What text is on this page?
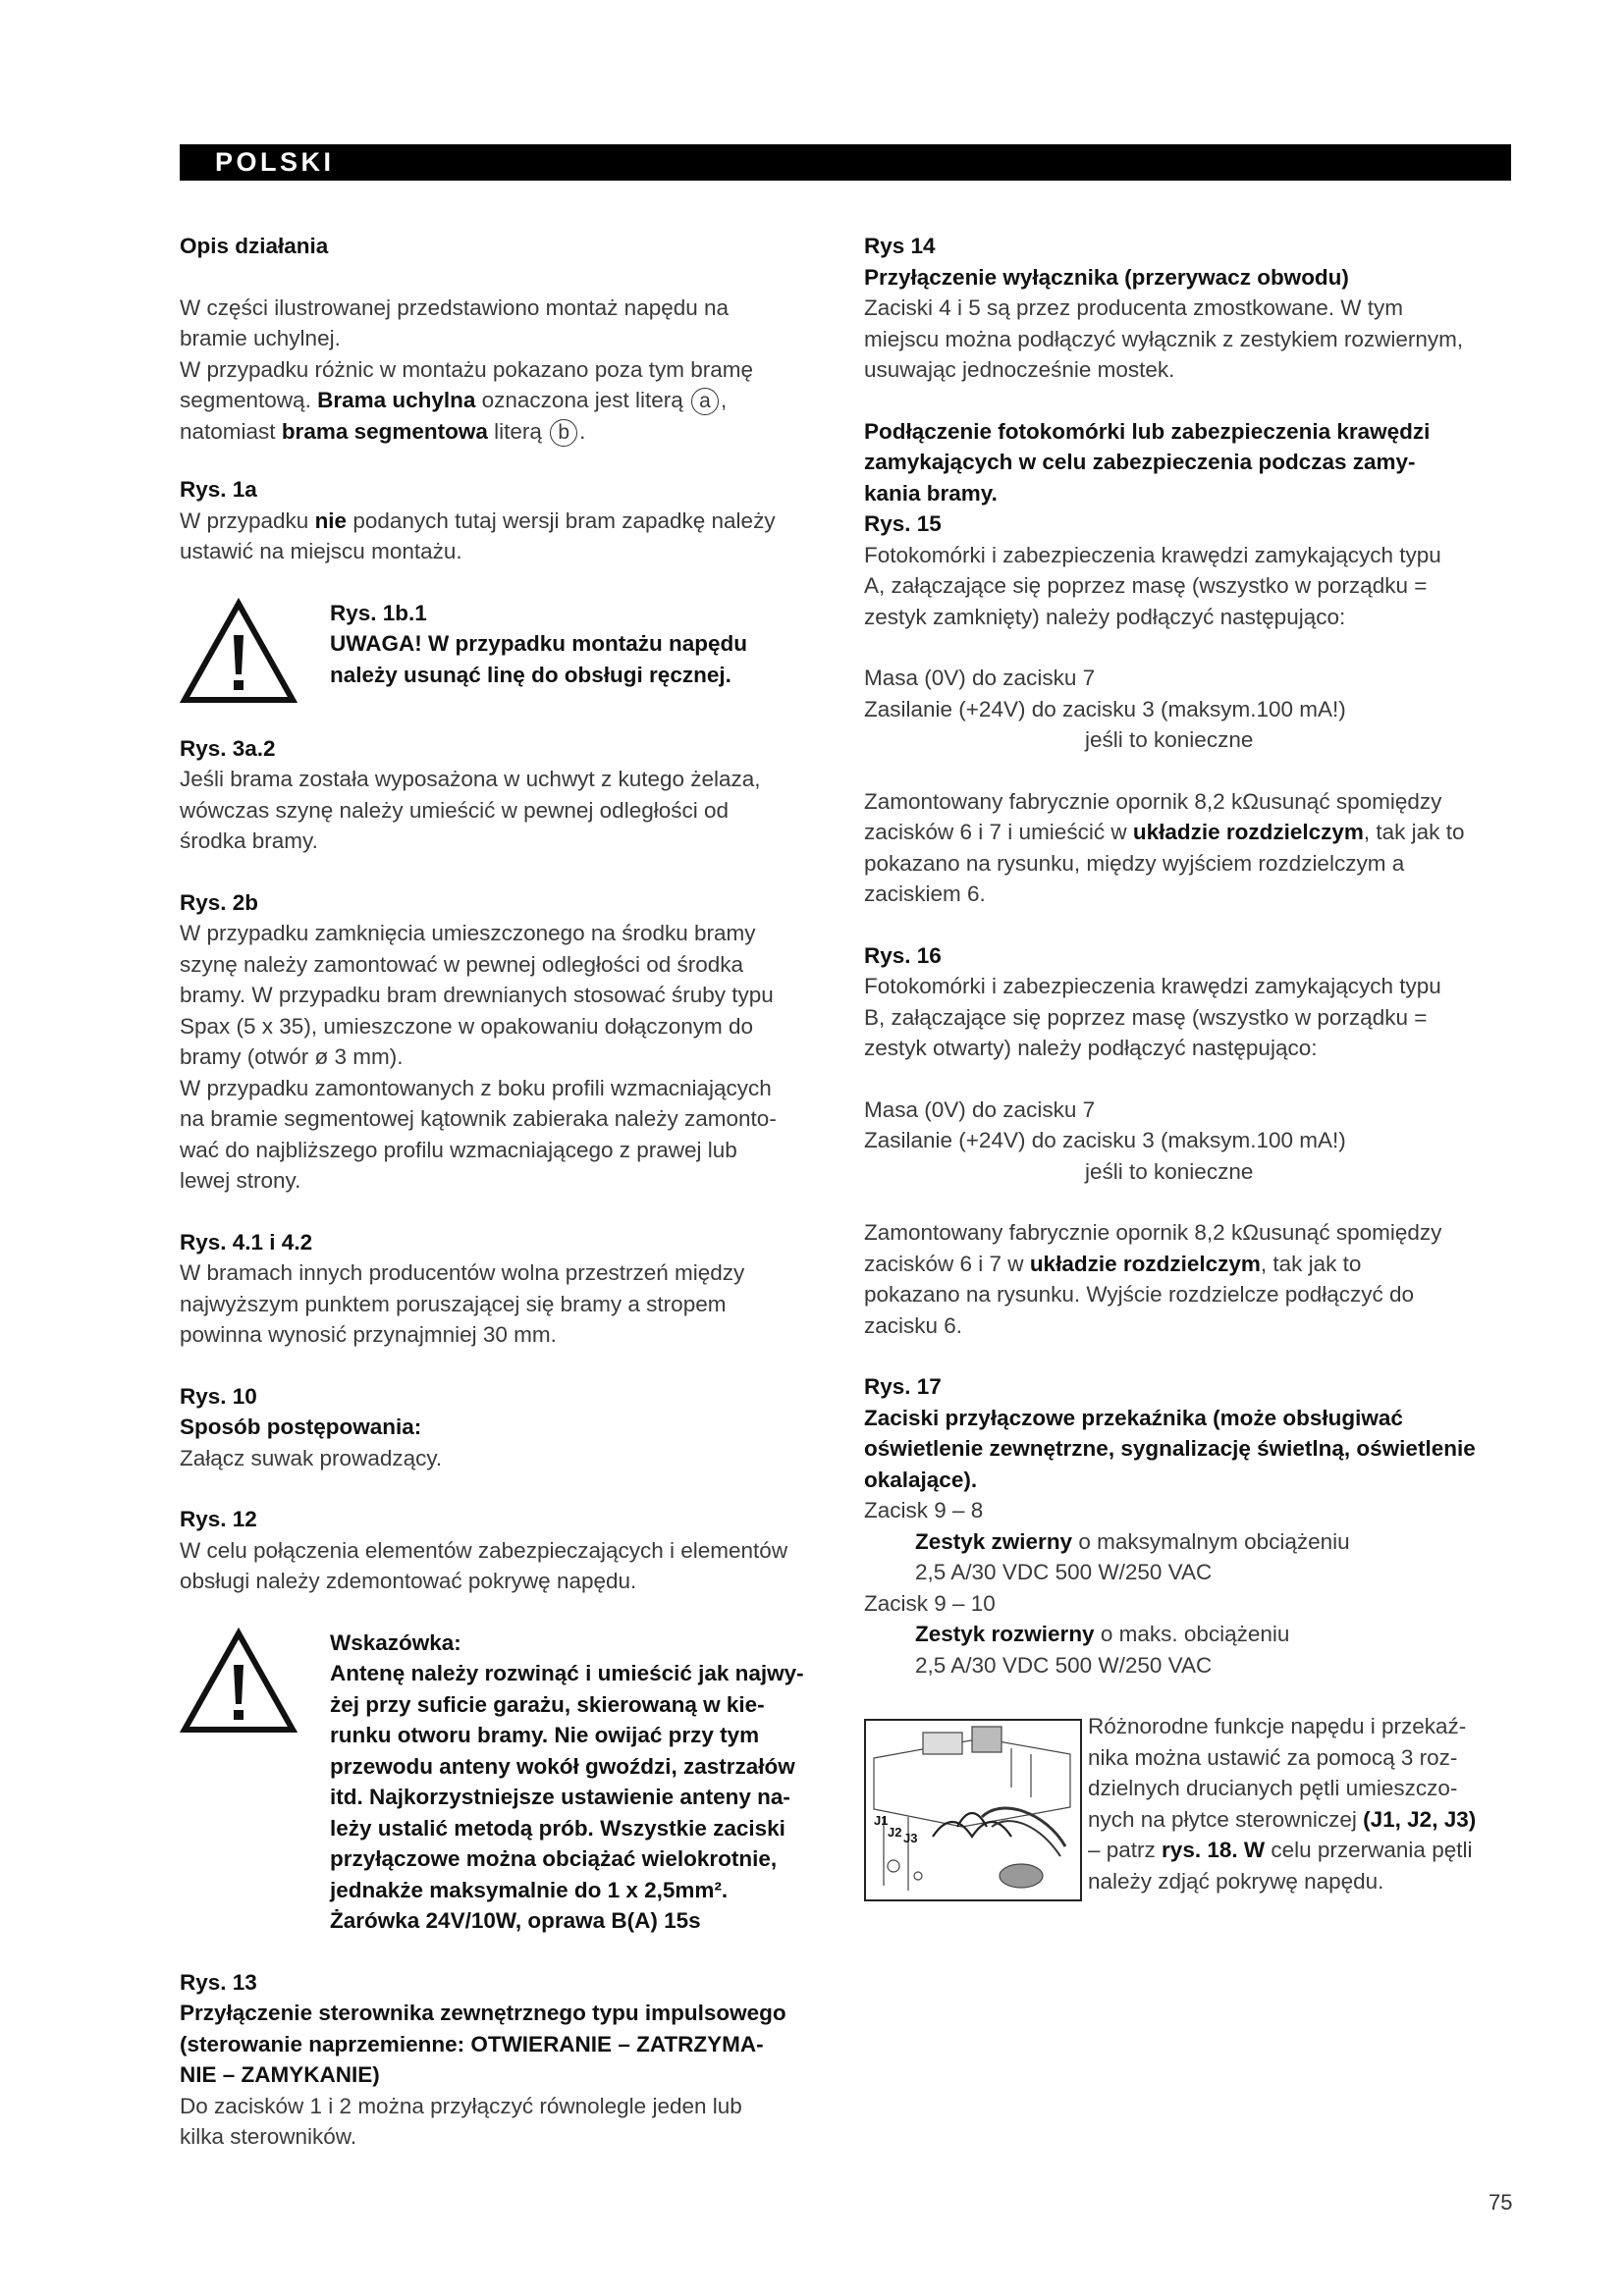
POLSKI

Opis działania

W części ilustrowanej przedstawiono montaż napędu na

bramie uchylnej.

W przypadku różnic w montażu pokazano poza tym bramę

segmentową. Brama uchylna oznaczona jest literą a ,

natomiast brama segmentowa literą b .

Rys. 1a

W przypadku nie podanych tutaj wersji bram zapadkę należy

ustawić na miejscu montażu.

Rys. 1b.1

UWAGA! W przypadku montażu napędu

należy usunąć linę do obsługi ręcznej.

Rys. 3a.2

Jeśli brama została wyposażona w uchwyt z kutego żelaza,

wówczas szynę należy umieścić w pewnej odległości od

środka bramy.

Rys. 2b

W przypadku zamknięcia umieszczonego na środku bramy

szynę należy zamontować w pewnej odległości od środka

bramy. W przypadku bram drewnianych stosować śruby typu

Spax (5 x 35), umieszczone w opakowaniu dołączonym do

bramy (otwór ø 3 mm).

W przypadku zamontowanych z boku profili wzmacniających

na bramie segmentowej kątownik zabieraka należy zamonto-

wać do najbliższego profilu wzmacniającego z prawej lub

lewej strony.

Rys. 4.1 i 4.2

W bramach innych producentów wolna przestrzeń między

najwyższym punktem poruszającej się bramy a stropem

powinna wynosić przynajmniej 30 mm.

Rys. 10

Sposób postępowania:

Załącz suwak prowadzący.

Rys. 12

W celu połączenia elementów zabezpieczających i elementów

obsługi należy zdemontować pokrywę napędu.

Wskazówka:

Antenę należy rozwinąć i umieścić jak najwy-

żej przy suficie garażu, skierowaną w kie-

runku otworu bramy. Nie owijać przy tym

przewodu anteny wokół gwoździ, zastrzałów

itd. Najkorzystniejsze ustawienie anteny na-

leży ustalić metodą prób. Wszystkie zaciski

przyłączowe można obciążać wielokrotnie,

jednakże maksymalnie do 1 x 2,5mm².

Żarówka 24V/10W, oprawa B(A) 15s

Rys. 13

Przyłączenie sterownika zewnętrznego typu impulsowego

(sterowanie naprzemienne: OTWIERANIE – ZATRZYMA-

NIE – ZAMYKANIE)

Do zacisków 1 i 2 można przyłączyć równolegle jeden lub

kilka sterowników.

Rys 14

Przyłączenie wyłącznika (przerywacz obwodu)

Zaciski 4 i 5 są przez producenta zmostkowane. W tym

miejscu można podłączyć wyłącznik z zestykiem rozwiernym,

usuwając jednocześnie mostek.

Podłączenie fotokomórki lub zabezpieczenia krawędzi

zamykających w celu zabezpieczenia podczas zamy-

kania bramy.

Rys. 15

Fotokomórki i zabezpieczenia krawędzi zamykających typu

A, załączające się poprzez masę (wszystko w porządku =

zestyk zamknięty) należy podłączyć następująco:

Masa (0V) do zacisku 7

Zasilanie (+24V) do zacisku 3 (maksym.100 mA!)

jeśli to konieczne

Zamontowany fabrycznie opornik 8,2 kΩusunąć spomiędzy

zacisków 6 i 7 i umieścić w układzie rozdzielczym, tak jak to

pokazano na rysunku, między wyjściem rozdzielczym a

zaciskiem 6.

Rys. 16

Fotokomórki i zabezpieczenia krawędzi zamykających typu

B, załączające się poprzez masę (wszystko w porządku =

zestyk otwarty) należy podłączyć następująco:

Masa (0V) do zacisku 7

Zasilanie (+24V) do zacisku 3 (maksym.100 mA!)

jeśli to konieczne

Zamontowany fabrycznie opornik 8,2 kΩusunąć spomiędzy

zacisków 6 i 7 w układzie rozdzielczym, tak jak to

pokazano na rysunku. Wyjście rozdzielcze podłączyć do

zacisku 6.

Rys. 17

Zaciski przyłączowe przekaźnika (może obsługiwać

oświetlenie zewnętrzne, sygnalizację świetlną, oświetlenie

okalające).

Zacisk 9 – 8

Zestyk zwierny o maksymalnym obciążeniu

2,5 A/30 VDC 500 W/250 VAC

Zacisk 9 – 10

Zestyk rozwierny o maks. obciążeniu

2,5 A/30 VDC 500 W/250 VAC

J1
J2 J3

Różnorodne funkcje napędu i przekaź-

nika można ustawić za pomocą 3 roz-

dzielnych drucianych pętli umieszczo-

nych na płytce sterowniczej (J1, J2, J3)

– patrz rys. 18. W celu przerwania pętli

należy zdjąć pokrywę napędu.

75
